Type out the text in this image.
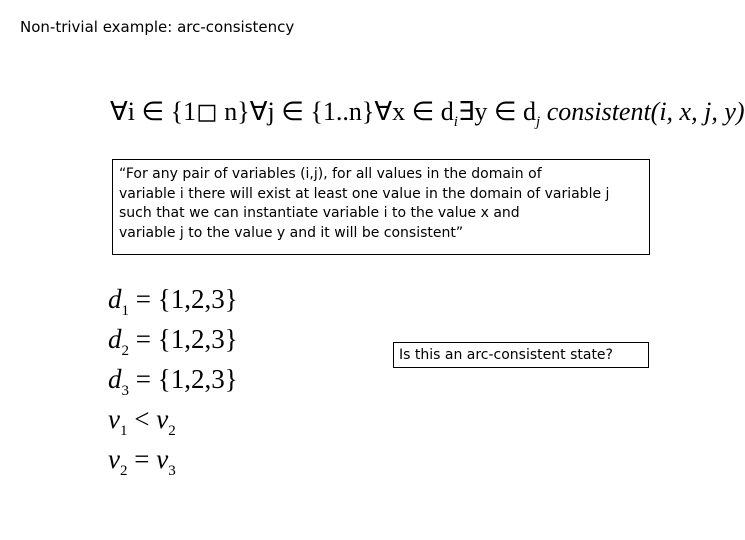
Non-trivial example: arc-consistency
∀i ∈ {1◻ n}∀j ∈ {1..n}∀x ∈ $d_i\exists y$ ∈ $d_j$ consistent(i, x, j, y)
“For any pair of variables (i,j), for all values in the domain of
variable i there will exist at least one value in the domain of variable j
such that we can instantiate variable i to the value x and
variable j to the value y and it will be consistent”
$d_1 = \{1,2,3\}$
$d_2 = \{1,2,3\}$
$d_3 = \{1,2,3\}$
$v_1 < v_2$
$v_2 = v_3$
Is this an arc-consistent state?
